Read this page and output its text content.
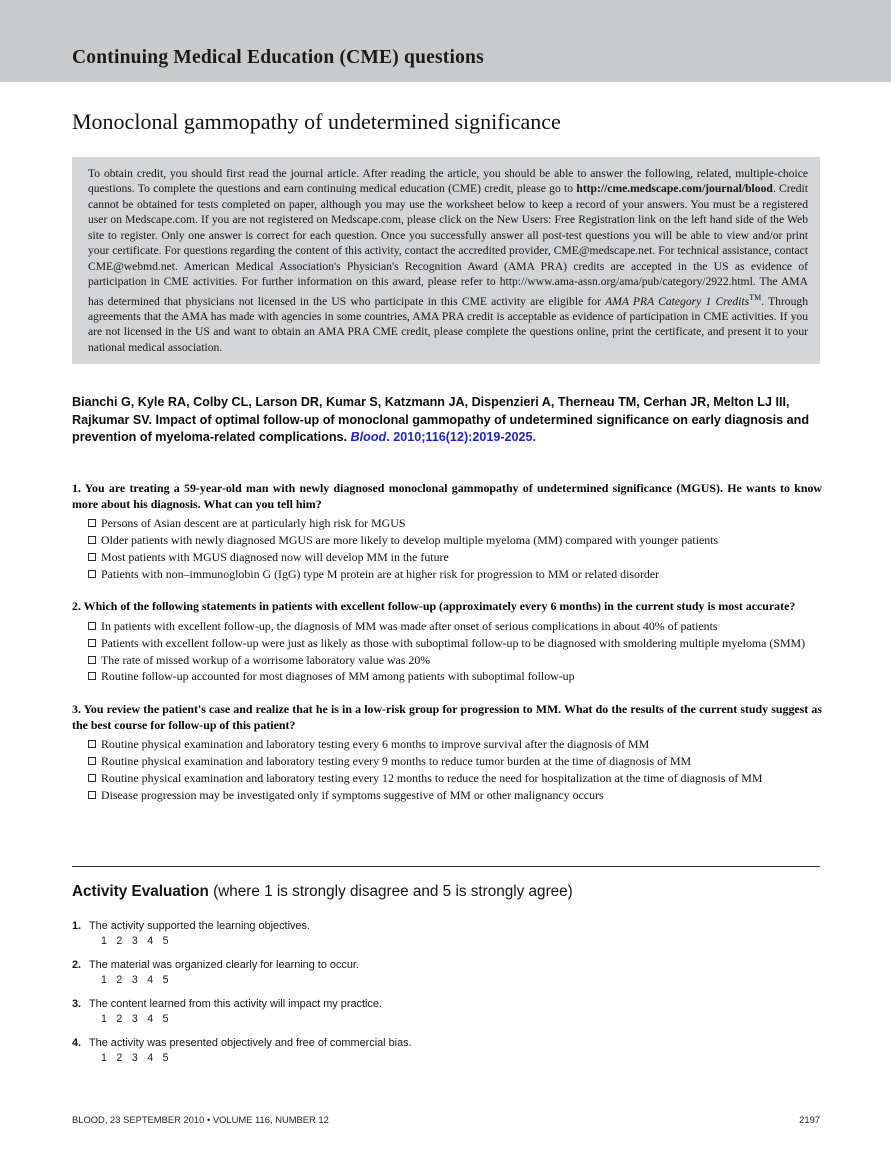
Continuing Medical Education (CME) questions
Monoclonal gammopathy of undetermined significance

To obtain credit, you should first read the journal article. After reading the article, you should be able to answer the following, related, multiple-choice questions. To complete the questions and earn continuing medical education (CME) credit, please go to http://cme.medscape.com/journal/blood. Credit cannot be obtained for tests completed on paper, although you may use the worksheet below to keep a record of your answers. You must be a registered user on Medscape.com. If you are not registered on Medscape.com, please click on the New Users: Free Registration link on the left hand side of the Web site to register. Only one answer is correct for each question. Once you successfully answer all post-test questions you will be able to view and/or print your certificate. For questions regarding the content of this activity, contact the accredited provider, CME@medscape.net. For technical assistance, contact CME@webmd.net. American Medical Association's Physician's Recognition Award (AMA PRA) credits are accepted in the US as evidence of participation in CME activities. For further information on this award, please refer to http://www.ama-assn.org/ama/pub/category/2922.html. The AMA has determined that physicians not licensed in the US who participate in this CME activity are eligible for AMA PRA Category 1 Credits™. Through agreements that the AMA has made with agencies in some countries, AMA PRA credit is acceptable as evidence of participation in CME activities. If you are not licensed in the US and want to obtain an AMA PRA CME credit, please complete the questions online, print the certificate, and present it to your national medical association.

Bianchi G, Kyle RA, Colby CL, Larson DR, Kumar S, Katzmann JA, Dispenzieri A, Therneau TM, Cerhan JR, Melton LJ III, Rajkumar SV. Impact of optimal follow-up of monoclonal gammopathy of undetermined significance on early diagnosis and prevention of myeloma-related complications. Blood. 2010;116(12):2019-2025.

1. You are treating a 59-year-old man with newly diagnosed monoclonal gammopathy of undetermined significance (MGUS). He wants to know more about his diagnosis. What can you tell him?

Persons of Asian descent are at particularly high risk for MGUS
Older patients with newly diagnosed MGUS are more likely to develop multiple myeloma (MM) compared with younger patients
Most patients with MGUS diagnosed now will develop MM in the future
Patients with non–immunoglobin G (IgG) type M protein are at higher risk for progression to MM or related disorder

2. Which of the following statements in patients with excellent follow-up (approximately every 6 months) in the current study is most accurate?

In patients with excellent follow-up, the diagnosis of MM was made after onset of serious complications in about 40% of patients
Patients with excellent follow-up were just as likely as those with suboptimal follow-up to be diagnosed with smoldering multiple myeloma (SMM)
The rate of missed workup of a worrisome laboratory value was 20%
Routine follow-up accounted for most diagnoses of MM among patients with suboptimal follow-up

3. You review the patient's case and realize that he is in a low-risk group for progression to MM. What do the results of the current study suggest as the best course for follow-up of this patient?

Routine physical examination and laboratory testing every 6 months to improve survival after the diagnosis of MM
Routine physical examination and laboratory testing every 9 months to reduce tumor burden at the time of diagnosis of MM
Routine physical examination and laboratory testing every 12 months to reduce the need for hospitalization at the time of diagnosis of MM
Disease progression may be investigated only if symptoms suggestive of MM or other malignancy occurs
Activity Evaluation (where 1 is strongly disagree and 5 is strongly agree)
1. The activity supported the learning objectives.
1 2 3 4 5
2. The material was organized clearly for learning to occur.
1 2 3 4 5
3. The content learned from this activity will impact my practice.
1 2 3 4 5
4. The activity was presented objectively and free of commercial bias.
1 2 3 4 5
BLOOD, 23 SEPTEMBER 2010 • VOLUME 116, NUMBER 12	2197
